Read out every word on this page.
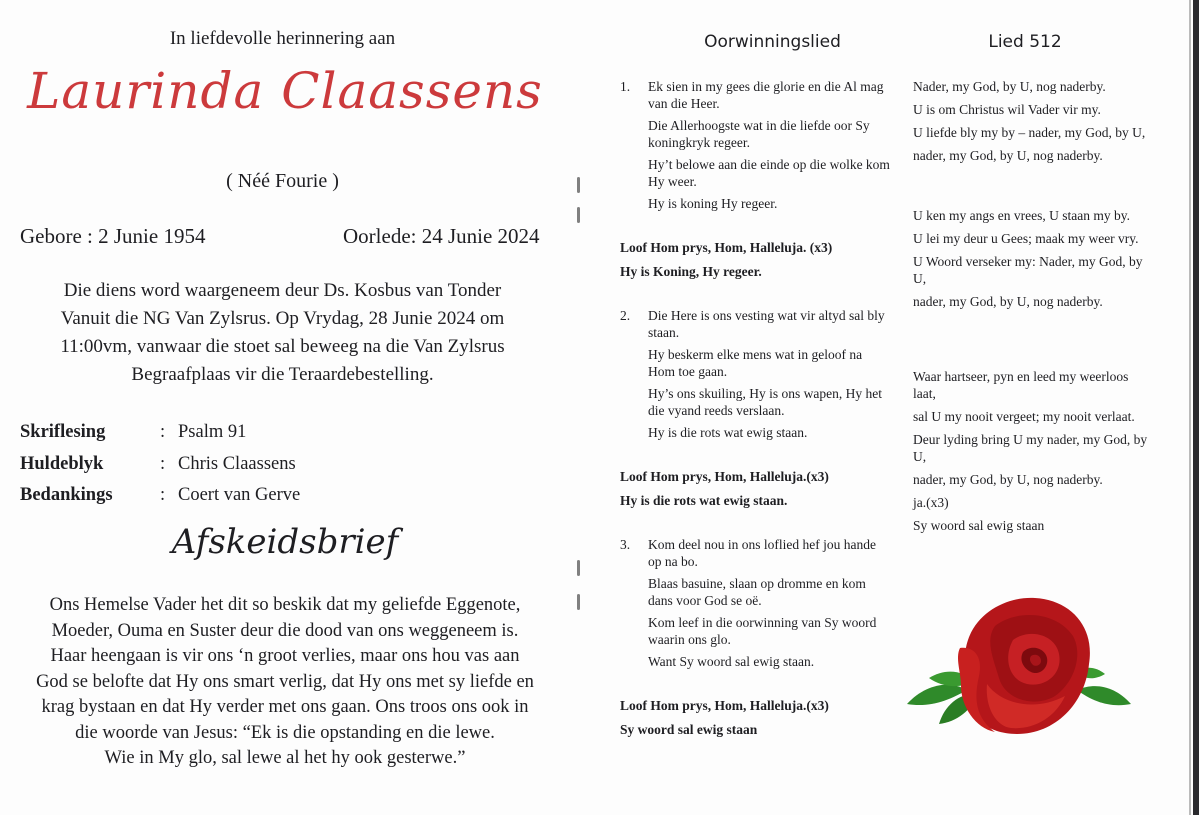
In liefdevolle herinnering aan
Laurinda Claassens
( Néé Fourie )
Gebore : 2 Junie 1954	Oorlede: 24 Junie 2024
Die diens word waargeneem deur Ds. Kosbus van Tonder
Vanuit die NG Van Zylsrus. Op Vrydag, 28 Junie 2024 om
11:00vm, vanwaar die stoet sal beweeg na die Van Zylsrus
Begraafplaas vir die Teraardebestelling.
Skriflesing	: Psalm 91
Huldeblyk	: Chris Claassens
Bedankings	: Coert van Gerve
Afskeidsbrief
Ons Hemelse Vader het dit so beskik dat my geliefde Eggenote,
Moeder, Ouma en Suster deur die dood van ons weggeneem is.
Haar heengaan is vir ons ‘n groot verlies, maar ons hou vas aan
God se belofte dat Hy ons smart verlig, dat Hy ons met sy liefde en
krag bystaan en dat Hy verder met ons gaan. Ons troos ons ook in
die woorde van Jesus: “Ek is die opstanding en die lewe.
Wie in My glo, sal lewe al het hy ook gesterwe.”
Oorwinningslied
1.	Ek sien in my gees die glorie en die Al mag van die Heer.
Die Allerhoogste wat in die liefde oor Sy koningkryk regeer.
Hy’t belowe aan die einde op die wolke kom Hy weer.
Hy is koning Hy regeer.
Loof Hom prys, Hom, Halleluja. (x3)
Hy is Koning, Hy regeer.
2.	Die Here is ons vesting wat vir altyd sal bly staan.
Hy beskerm elke mens wat in geloof na Hom toe gaan.
Hy’s ons skuiling, Hy is ons wapen, Hy het die vyand reeds verslaan.
Hy is die rots wat ewig staan.
Loof Hom prys, Hom, Halleluja.(x3)
Hy is die rots wat ewig staan.
3.	Kom deel nou in ons loflied hef jou hande op na bo.
Blaas basuine, slaan op dromme en kom dans voor God se oë.
Kom leef in die oorwinning van Sy woord waarin ons glo.
Want Sy woord sal ewig staan.
Loof Hom prys, Hom, Halleluja.(x3)
Sy woord sal ewig staan
Lied 512
Nader, my God, by U, nog naderby.
U is om Christus wil Vader vir my.
U liefde bly my by – nader, my God, by U,
nader, my God, by U, nog naderby.
U ken my angs en vrees, U staan my by.
U lei my deur u Gees; maak my weer vry.
U Woord verseker my: Nader, my God, by U,
nader, my God, by U, nog naderby.
Waar hartseer, pyn en leed my weerloos laat,
sal U my nooit vergeet; my nooit verlaat.
Deur lyding bring U my nader, my God, by U,
nader, my God, by U, nog naderby.
ja.(x3)
Sy woord sal ewig staan
